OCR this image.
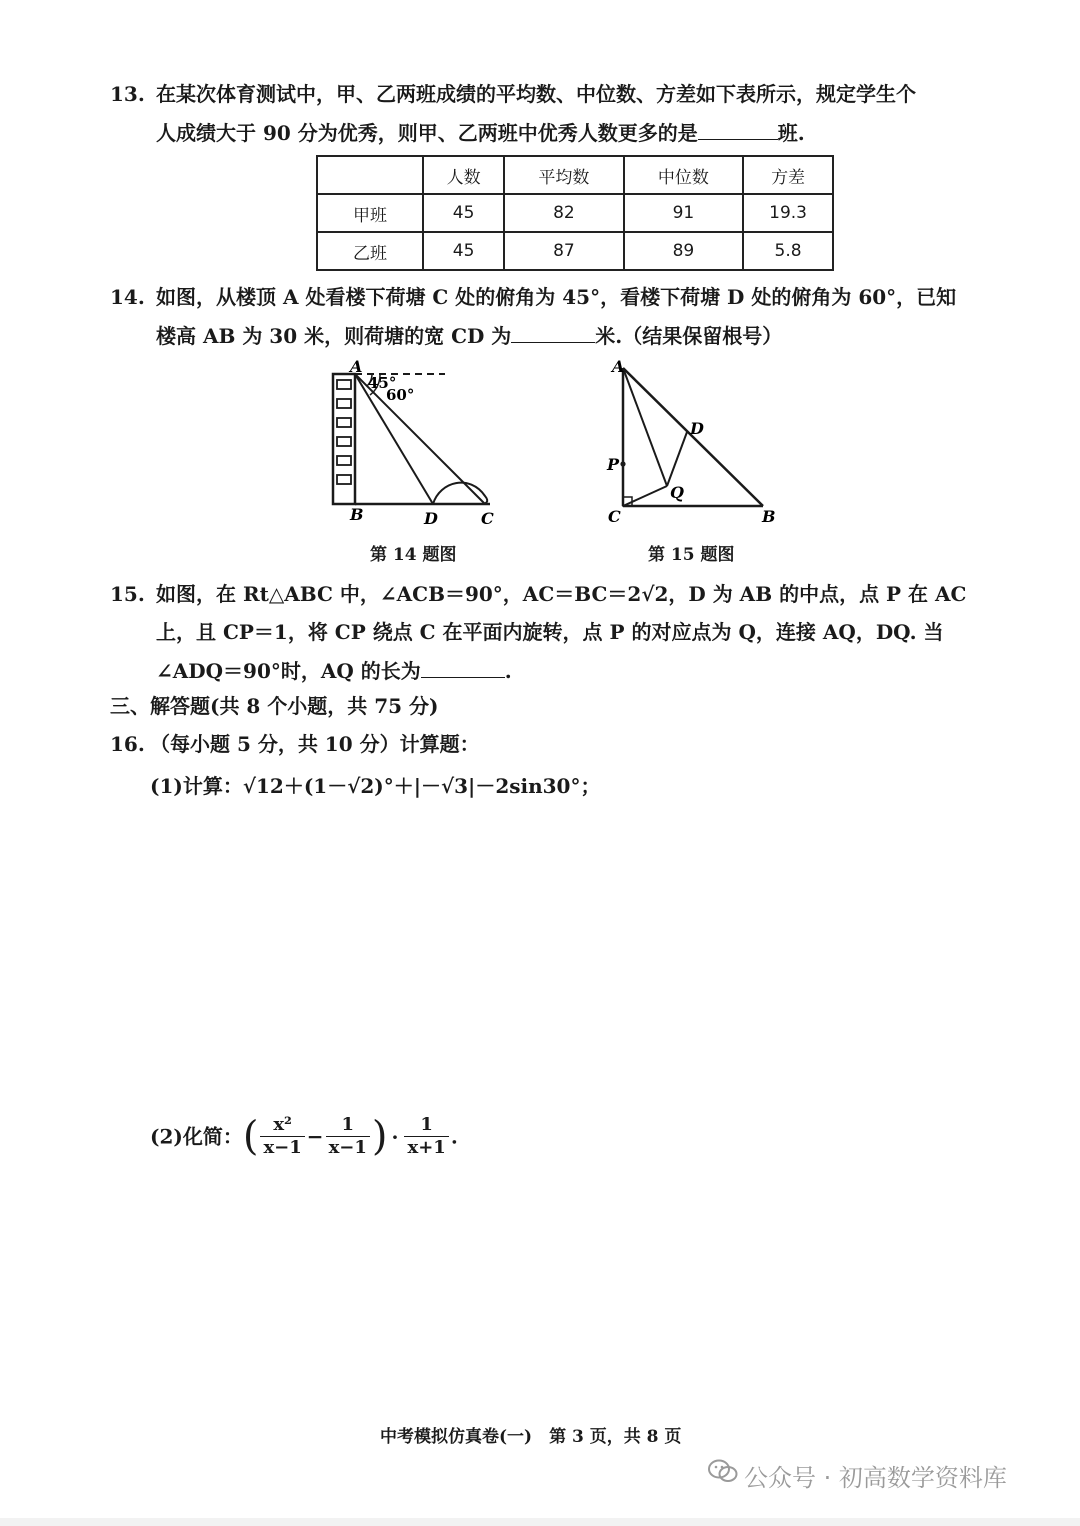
13. 在某次体育测试中，甲、乙两班成绩的平均数、中位数、方差如下表所示，规定学生个
人成绩大于 90 分为优秀，则甲、乙两班中优秀人数更多的是	班.
	人数	平均数	中位数	方差
甲班	45	82	91	19.3
乙班	45	87	89	5.8
14. 如图，从楼顶 A 处看楼下荷塘 C 处的俯角为 45°，看楼下荷塘 D 处的俯角为 60°，已知
楼高 AB 为 30 米，则荷塘的宽 CD 为	米.（结果保留根号）
A
45°
60°
B	D	C
第 14 题图
A
D
P
Q
C	B
第 15 题图
15. 如图，在 Rt△ABC 中，∠ACB＝90°，AC＝BC＝2√2，D 为 AB 的中点，点 P 在 AC
上，且 CP＝1，将 CP 绕点 C 在平面内旋转，点 P 的对应点为 Q，连接 AQ，DQ. 当
∠ADQ＝90°时，AQ 的长为	.
三、解答题(共 8 个小题，共 75 分)
16. （每小题 5 分，共 10 分）计算题：
(1)计算：√12＋(1－√2)°＋|－√3|－2sin30°；
(2)化简：( $\frac{\text{x²}}{x-1} - \frac{1}{x-1}$ ) · $\frac{1}{x+1}$ .
中考模拟仿真卷(一)　第 3 页，共 8 页
公众号 · 初高数学资料库
